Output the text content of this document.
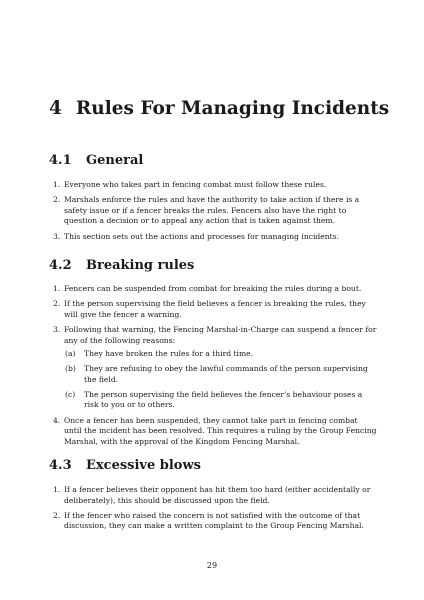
4 Rules For Managing Incidents
4.1 General
1. Everyone who takes part in fencing combat must follow these rules.
2. Marshals enforce the rules and have the authority to take action if there is a safety issue or if a fencer breaks the rules. Fencers also have the right to question a decision or to appeal any action that is taken against them.
3. This section sets out the actions and processes for managing incidents.
4.2 Breaking rules
1. Fencers can be suspended from combat for breaking the rules during a bout.
2. If the person supervising the field believes a fencer is breaking the rules, they will give the fencer a warning.
3. Following that warning, the Fencing Marshal-in-Charge can suspend a fencer for any of the following reasons:
(a) They have broken the rules for a third time.
(b) They are refusing to obey the lawful commands of the person supervising the field.
(c) The person supervising the field believes the fencer’s behaviour poses a risk to you or to others.
4. Once a fencer has been suspended, they cannot take part in fencing combat until the incident has been resolved. This requires a ruling by the Group Fencing Marshal, with the approval of the Kingdom Fencing Marshal.
4.3 Excessive blows
1. If a fencer believes their opponent has hit them too hard (either accidentally or deliberately), this should be discussed upon the field.
2. If the fencer who raised the concern is not satisfied with the outcome of that discussion, they can make a written complaint to the Group Fencing Marshal.
29
